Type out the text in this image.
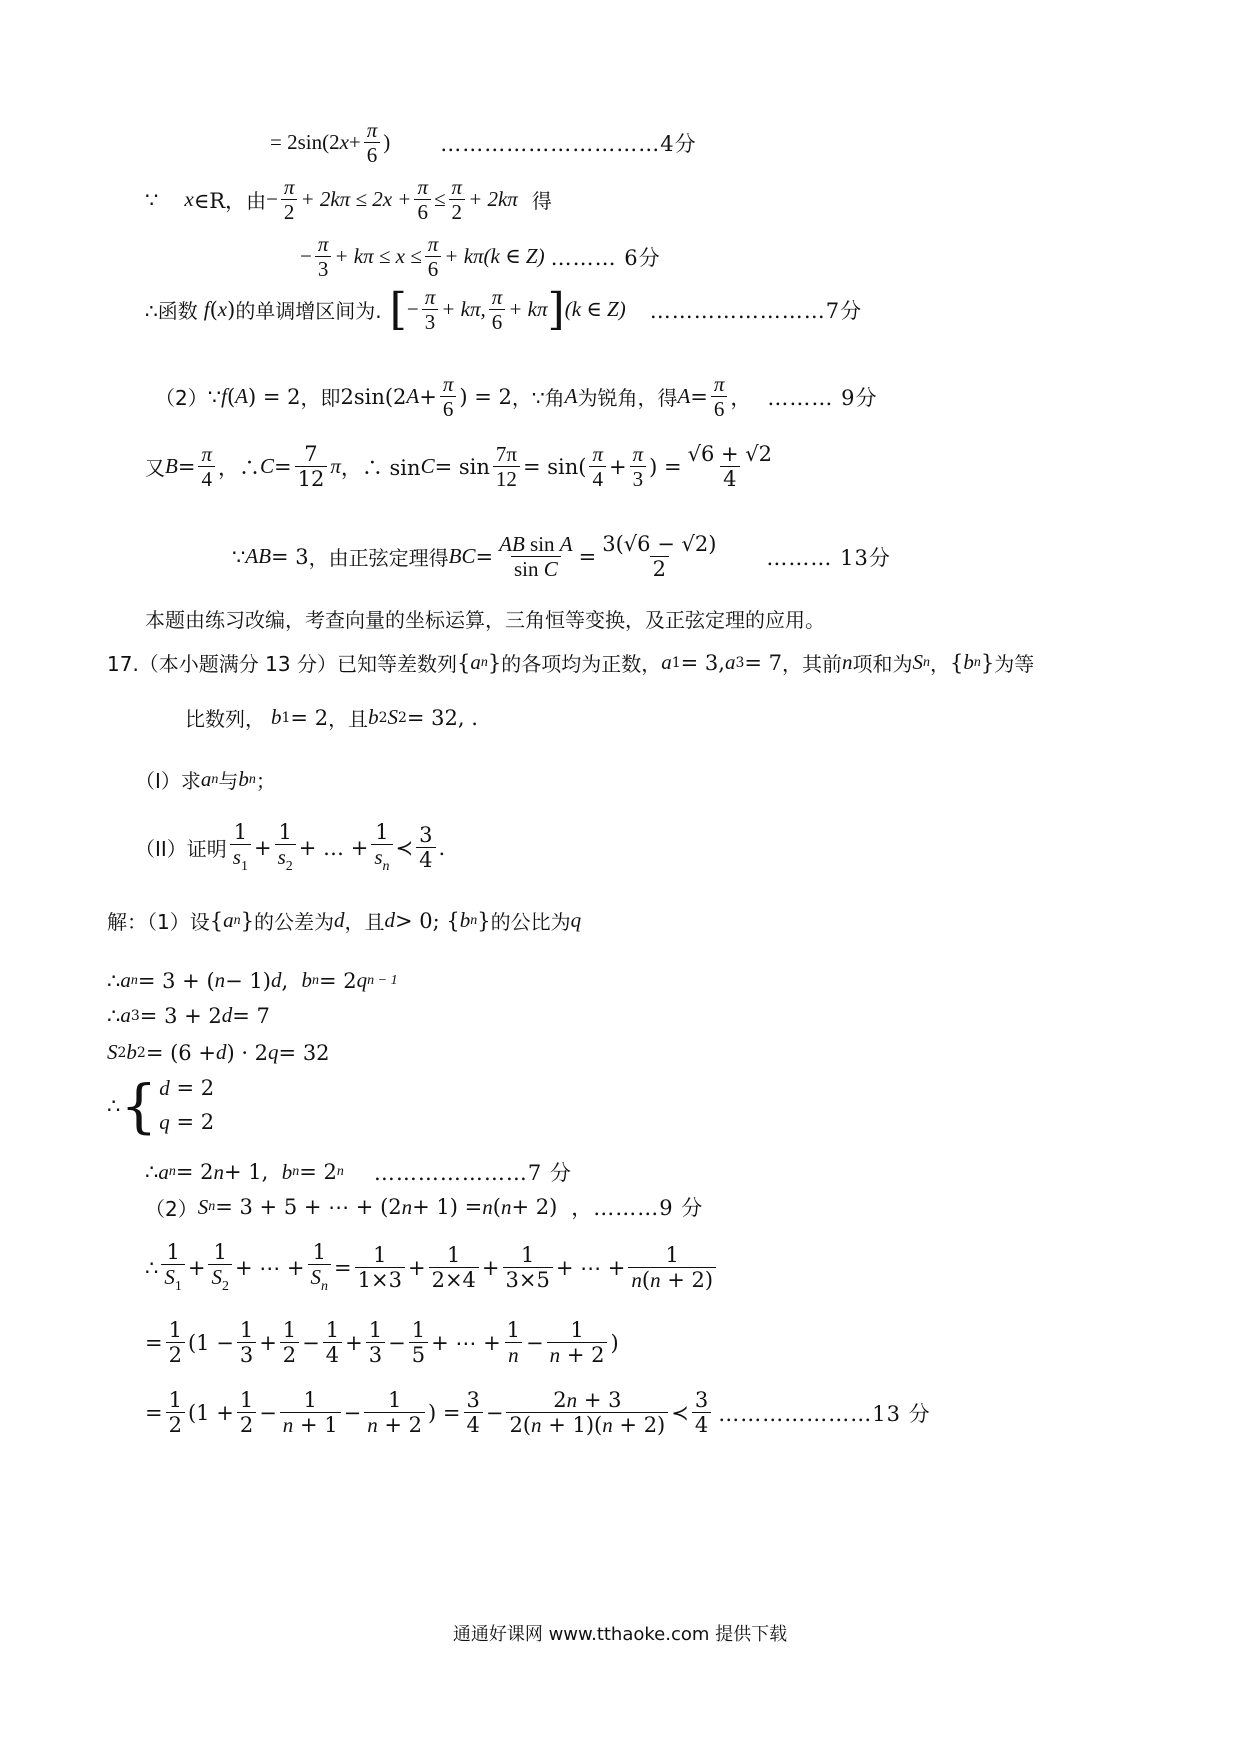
= 2sin(2 $x + \frac{\pi}{6}$ ) …………………………4分
∵ x ∈R， 由 − $\frac{\pi}{2} + 2k\pi \le 2x + \frac{\pi}{6} \le \frac{\pi}{2} + 2k\pi$ 得
− $\frac{\pi}{3} + k\pi \le x \le \frac{\pi}{6} + k\pi(k$ ∈ Z) ……… 6分
∴函数 f ( x ) 的单调增区间为. [ − $\frac{\pi}{3} + k\pi$, $\frac{\pi}{6} + k\pi$ ] (k ∈ Z) ……………………7分
（2） ∵ f ( A ) = 2 ，即 2sin(2 $A + \frac{\pi}{6}$ ) = 2 ，∵角 A 为锐角，得 $A = \frac{\pi}{6}$ ， ……… 9分
又 $B = \frac{\pi}{4}$ ，∴ $C = \frac{7}{12}$ π ，∴ $\sin C = \sin \frac{7\pi}{12} = \sin( \frac{\pi}{4} + \frac{\pi}{3}$ ) = $\frac{√6 + √2}{4}$
∵ AB = 3 ，由正弦定理得 BC = $\frac{\text{AB sin A}}{\text{sin C}} = \frac{3(√6 - √2)}{2}$ ……… 13分
本题由练习改编，考查向量的坐标运算，三角恒等变换，及正弦定理的应用。
17.（本小题满分 13 分）已知等差数列 { a n } 的各项均为正数， a 1 = 3, a 3 = 7 ，其前 n 项和为 S n ， { b n } 为等
比数列， b 1 = 2 ，且 b 2 S 2 = 32, .
（I）求 a n 与 b n ；
（II）证明 $\frac{1}{s_1} + \frac{1}{s_2}$ + … + $\frac{1}{s_n}$ ≺ $\frac{3}{4}$ .
解：（1）设 { a n } 的公差为 d ，且 d > 0; { b n } 的公比为 q
∴ a n = 3 + ( n − 1) d , b n = 2 q n − 1
∴ a 3 = 3 + 2 d = 7
S 2 b 2 = (6 + d ) · 2 q = 32
∴ { d = 2
q = 2
∴ a n = 2 n + 1, b n = 2 n …………………7 分
（2） S n = 3 + 5 + ⋯ + (2 n + 1) = n ( n + 2) ，………9 分
∴ $\frac{1}{S_1} + \frac{1}{S_2}$ + ⋯ + $\frac{1}{S_n} = \frac{1}{1\times 3} + \frac{1}{2\times 4} + \frac{1}{3\times 5}$ + ⋯ + $\frac{1}{n(n + 2)}$
= $\frac{1}{2} (1 - \frac{1}{3} + \frac{1}{2} - \frac{1}{4} + \frac{1}{3} - \frac{1}{5}$ + ⋯ + $\frac{1}{n} - \frac{1}{n + 2}$ )
= $\frac{1}{2} (1 + \frac{1}{2} - \frac{1}{n + 1} - \frac{1}{n + 2}$ ) = $\frac{3}{4} - \frac{2n + 3}{2(n + 1)(n + 2)}$ ≺ $\frac{3}{4}$ …………………13 分
通通好课网 www.tthaoke.com 提供下载
